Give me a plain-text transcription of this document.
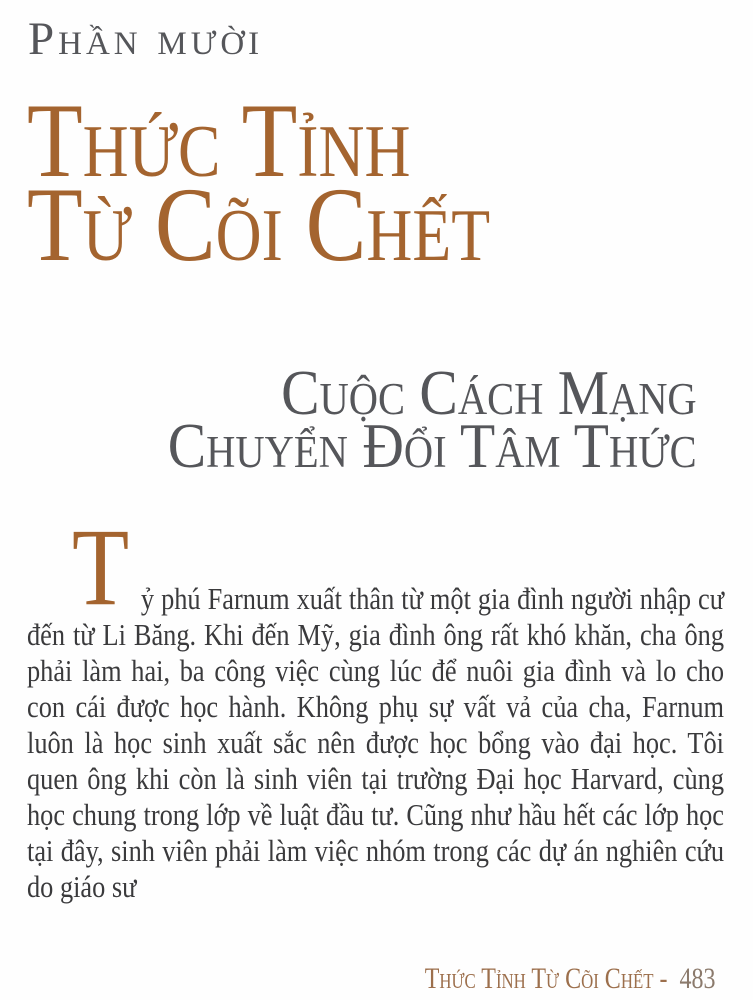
Phần mười
Thức Tỉnh
Từ Cõi Chết
Cuộc Cách Mạng
Chuyển Đổi Tâm Thức
T ỷ phú Farnum xuất thân từ một gia đình người nhập cư đến từ Li Băng. Khi đến Mỹ, gia đình ông rất khó khăn, cha ông phải làm hai, ba công việc cùng lúc để nuôi gia đình và lo cho con cái được học hành. Không phụ sự vất vả của cha, Farnum luôn là học sinh xuất sắc nên được học bổng vào đại học. Tôi quen ông khi còn là sinh viên tại trường Đại học Harvard, cùng học chung trong lớp về luật đầu tư. Cũng như hầu hết các lớp học tại đây, sinh viên phải làm việc nhóm trong các dự án nghiên cứu do giáo sư
Thức Tỉnh Từ Cõi Chết - 483
